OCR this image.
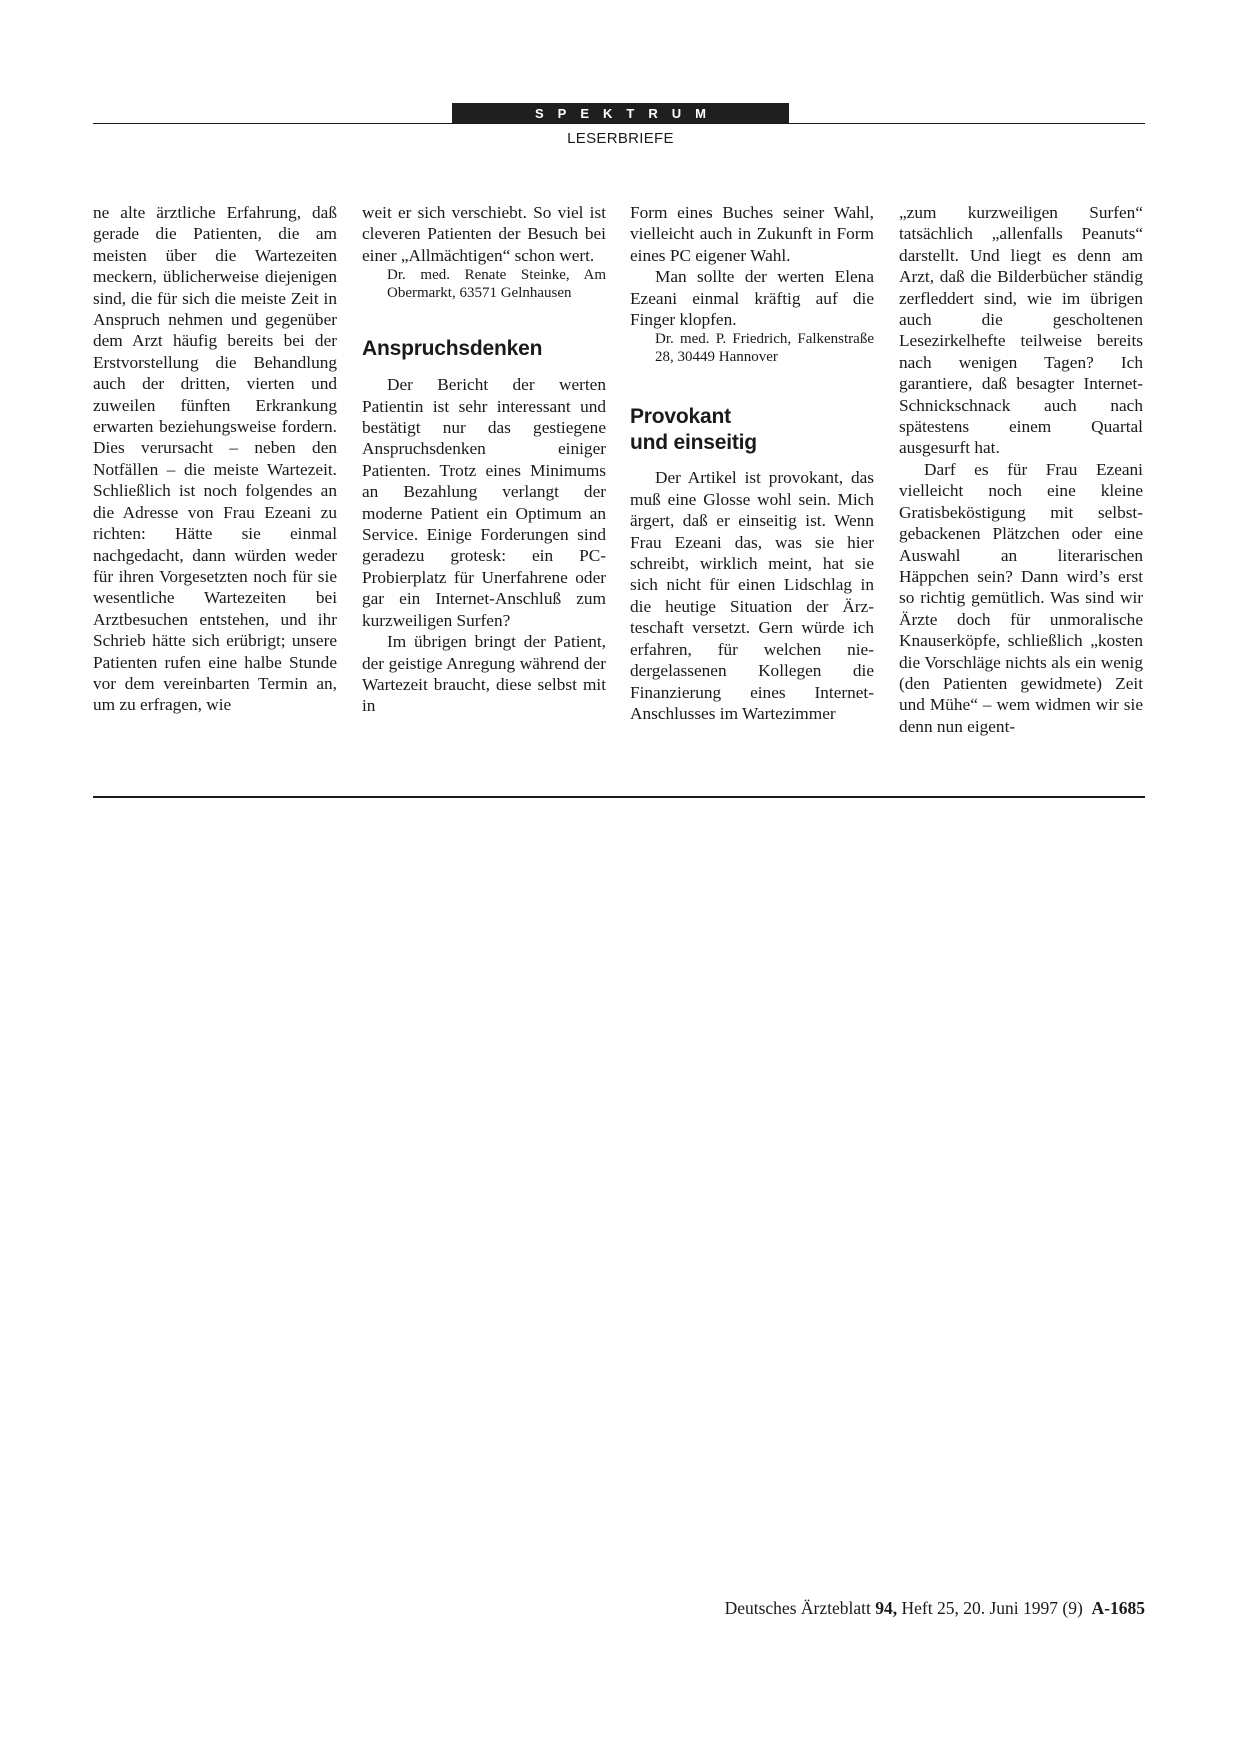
SPEKTRUM
LESERBRIEFE

ne alte ärztliche Erfahrung, daß gerade die Patienten, die am meisten über die Wartezeiten meckern, üblicherweise diejenigen sind, die für sich die meiste Zeit in Anspruch nehmen und gegenüber dem Arzt häufig bereits bei der Erstvorstellung die Behandlung auch der dritten, vierten und zuweilen fünften Erkrankung erwarten beziehungsweise fordern. Dies verursacht – neben den Notfällen – die meiste Wartezeit. Schließlich ist noch folgendes an die Adresse von Frau Ezeani zu richten: Hätte sie einmal nachgedacht, dann würden weder für ihren Vorgesetzten noch für sie wesentliche Wartezeiten bei Arztbesuchen entstehen, und ihr Schrieb hätte sich erübrigt; unsere Patienten rufen eine halbe Stunde vor dem vereinbarten Termin an, um zu erfragen, wie

weit er sich verschiebt. So viel ist cleveren Patienten der Besuch bei einer „Allmächtigen“ schon wert.

Dr. med. Renate Steinke, Am Obermarkt, 63571 Gelnhausen

Anspruchsdenken

Der Bericht der werten Patientin ist sehr interessant und bestätigt nur das gestiegene Anspruchsdenken einiger Patienten. Trotz eines Minimums an Bezahlung verlangt der moderne Patient ein Optimum an Service. Einige Forderungen sind geradezu grotesk: ein PC-Probierplatz für Unerfahrene oder gar ein Internet-Anschluß zum kurzweiligen Surfen?

Im übrigen bringt der Patient, der geistige Anregung während der Wartezeit braucht, diese selbst mit in

Form eines Buches seiner Wahl, vielleicht auch in Zukunft in Form eines PC eigener Wahl.

Man sollte der werten Elena Ezeani einmal kräftig auf die Finger klopfen.

Dr. med. P. Friedrich, Falkenstraße 28, 30449 Hannover

Provokant
und einseitig

Der Artikel ist provokant, das muß eine Glosse wohl sein. Mich ärgert, daß er einseitig ist. Wenn Frau Ezeani das, was sie hier schreibt, wirklich meint, hat sie sich nicht für einen Lidschlag in die heutige Situation der Ärzteschaft versetzt. Gern würde ich erfahren, für welchen niedergelassenen Kollegen die Finanzierung eines Internet-Anschlusses im Wartezimmer

„zum kurzweiligen Surfen“ tatsächlich „allenfalls Peanuts“ darstellt. Und liegt es denn am Arzt, daß die Bilderbücher ständig zerfleddert sind, wie im übrigen auch die gescholtenen Lesezirkelhefte teilweise bereits nach wenigen Tagen? Ich garantiere, daß besagter Internet-Schnickschnack auch nach spätestens einem Quartal ausgesurft hat.

Darf es für Frau Ezeani vielleicht noch eine kleine Gratisbeköstigung mit selbstgebackenen Plätzchen oder eine Auswahl an literarischen Häppchen sein? Dann wird’s erst so richtig gemütlich. Was sind wir Ärzte doch für unmoralische Knauserköpfe, schließlich „kosten die Vorschläge nichts als ein wenig (den Patienten gewidmete) Zeit und Mühe“ – wem widmen wir sie denn nun eigent-

Deutsches Ärzteblatt 94, Heft 25, 20. Juni 1997 (9) A-1685
